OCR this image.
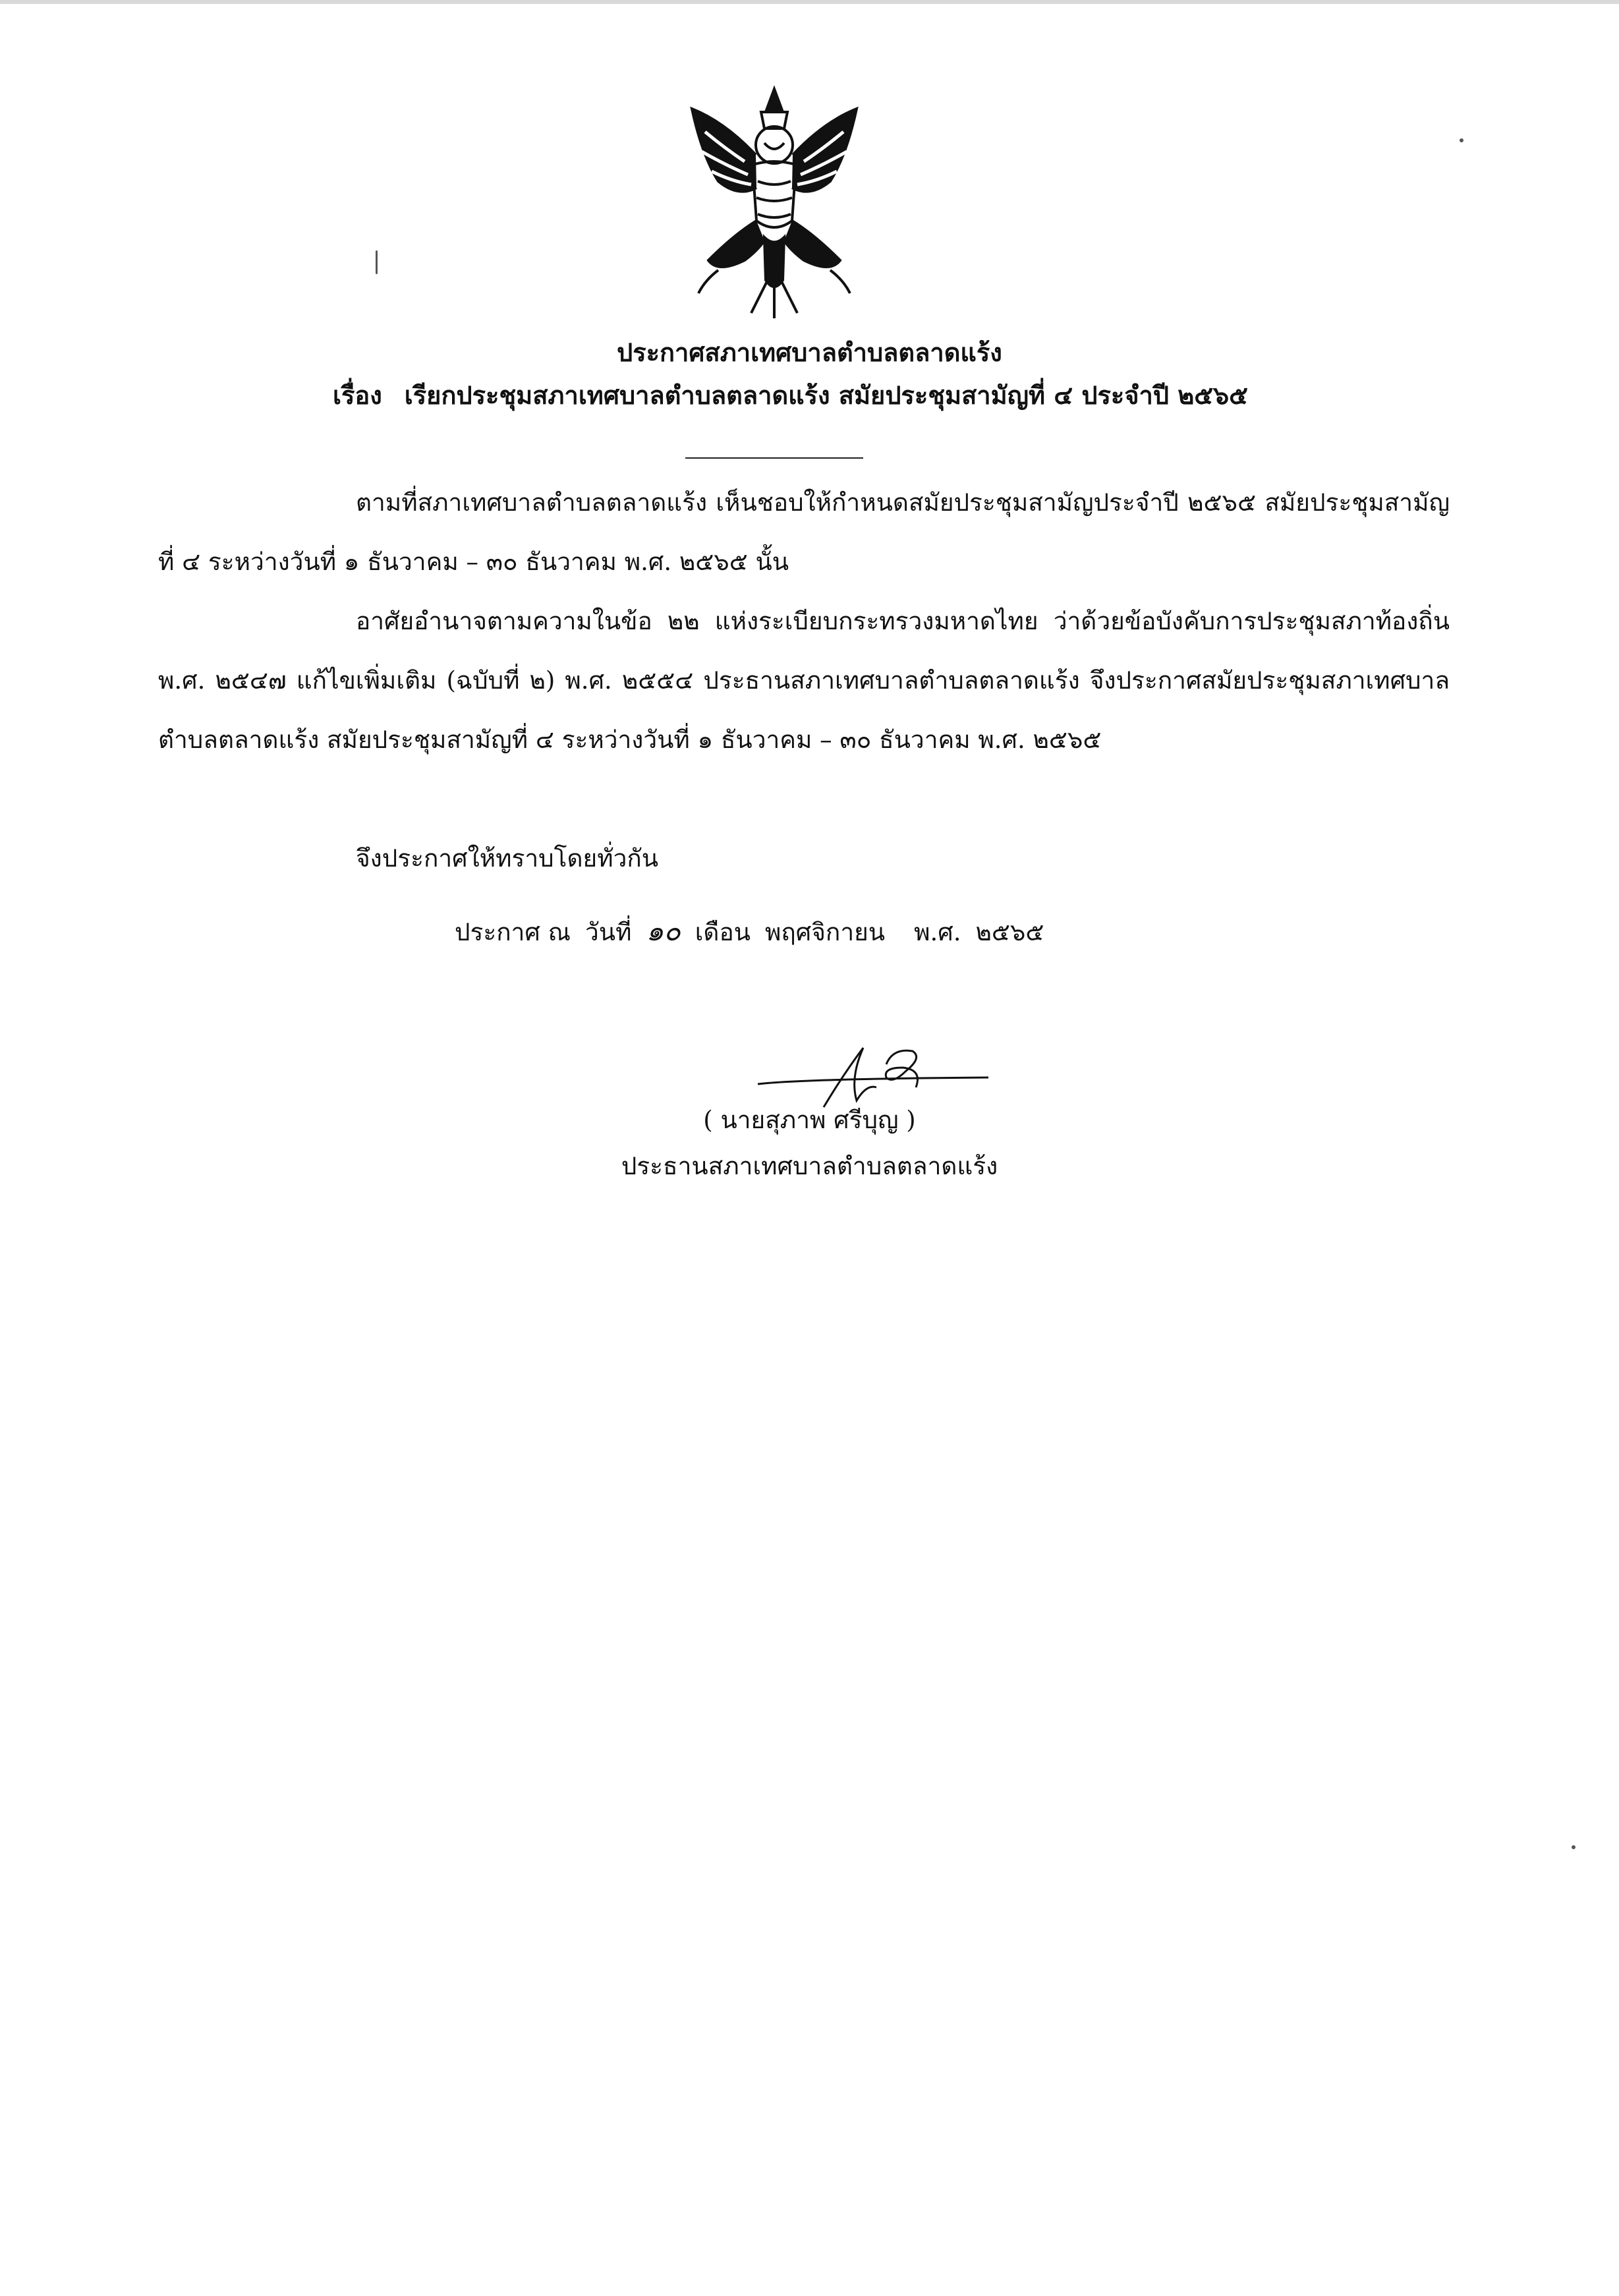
ประกาศสภาเทศบาลตำบลตลาดแร้ง
เรื่อง เรียกประชุมสภาเทศบาลตำบลตลาดแร้ง สมัยประชุมสามัญที่ ๔ ประจำปี ๒๕๖๕
ตามที่สภาเทศบาลตำบลตลาดแร้ง เห็นชอบให้กำหนดสมัยประชุมสามัญประจำปี ๒๕๖๕ สมัยประชุมสามัญที่ ๔ ระหว่างวันที่ ๑ ธันวาคม – ๓๐ ธันวาคม พ.ศ. ๒๕๖๕ นั้น
อาศัยอำนาจตามความในข้อ ๒๒ แห่งระเบียบกระทรวงมหาดไทย ว่าด้วยข้อบังคับการประชุมสภาท้องถิ่น พ.ศ. ๒๕๔๗ แก้ไขเพิ่มเติม (ฉบับที่ ๒) พ.ศ. ๒๕๕๔ ประธานสภาเทศบาลตำบลตลาดแร้ง จึงประกาศสมัยประชุมสภาเทศบาลตำบลตลาดแร้ง สมัยประชุมสามัญที่ ๔ ระหว่างวันที่ ๑ ธันวาคม – ๓๐ ธันวาคม พ.ศ. ๒๕๖๕
จึงประกาศให้ทราบโดยทั่วกัน
ประกาศ ณ วันที่ ๑๐ เดือน พฤศจิกายน พ.ศ. ๒๕๖๕
( นายสุภาพ ศรีบุญ )
ประธานสภาเทศบาลตำบลตลาดแร้ง
